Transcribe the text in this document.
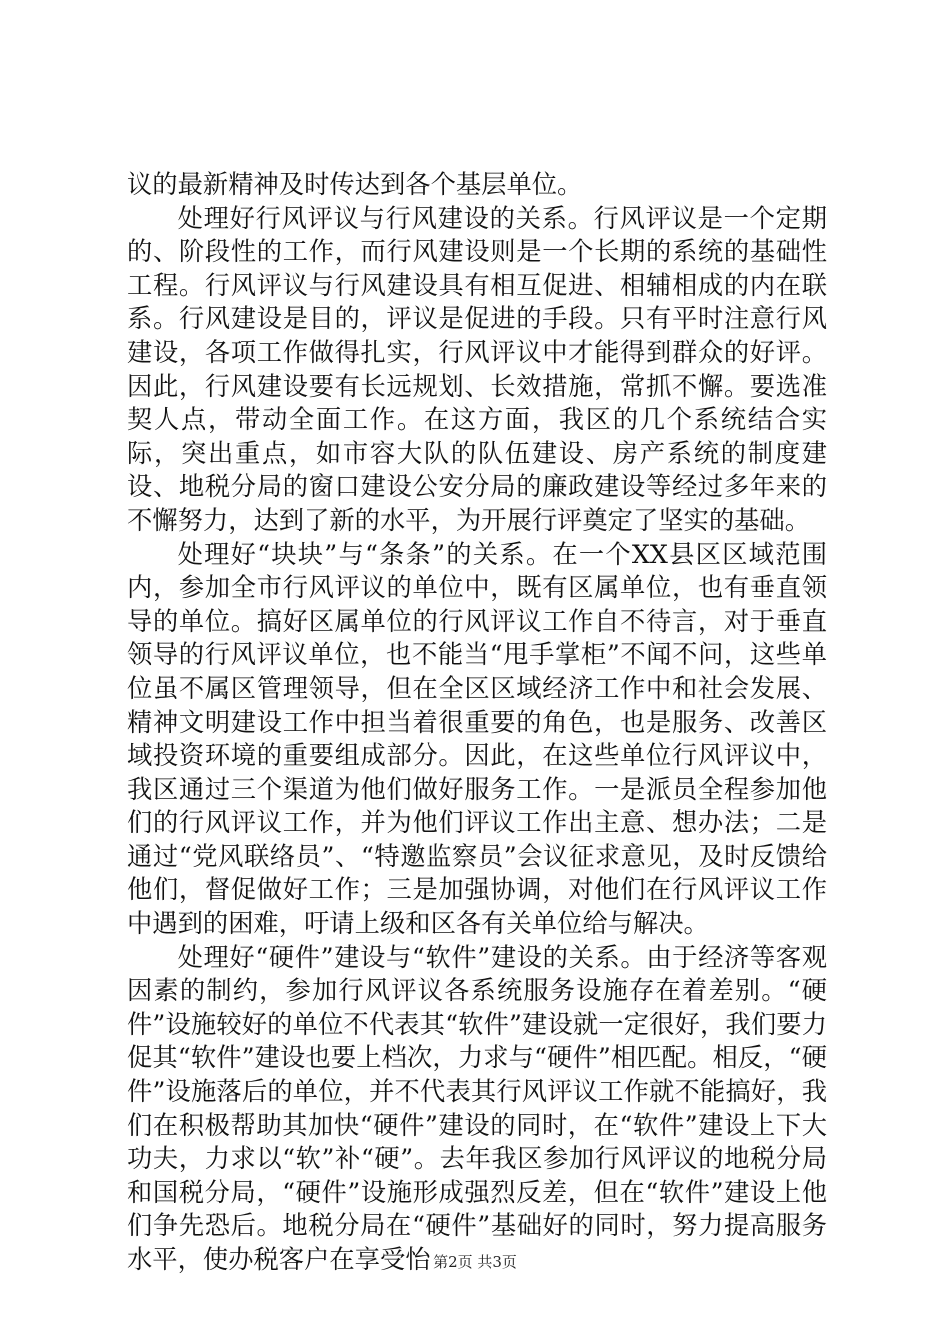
议的最新精神及时传达到各个基层单位。

处理好行风评议与行风建设的关系。行风评议是一个定期的、阶段性的工作，而行风建设则是一个长期的系统的基础性工程。行风评议与行风建设具有相互促进、相辅相成的内在联系。行风建设是目的，评议是促进的手段。只有平时注意行风建设，各项工作做得扎实，行风评议中才能得到群众的好评。因此，行风建设要有长远规划、长效措施，常抓不懈。要选准契人点，带动全面工作。在这方面，我区的几个系统结合实际，突出重点，如市容大队的队伍建设、房产系统的制度建设、地税分局的窗口建设公安分局的廉政建设等经过多年来的不懈努力，达到了新的水平，为开展行评奠定了坚实的基础。

处理好“块块”与“条条”的关系。在一个XX县区区域范围内，参加全市行风评议的单位中，既有区属单位，也有垂直领导的单位。搞好区属单位的行风评议工作自不待言，对于垂直领导的行风评议单位，也不能当“甩手掌柜”不闻不问，这些单位虽不属区管理领导，但在全区区域经济工作中和社会发展、精神文明建设工作中担当着很重要的角色，也是服务、改善区域投资环境的重要组成部分。因此，在这些单位行风评议中，我区通过三个渠道为他们做好服务工作。一是派员全程参加他们的行风评议工作，并为他们评议工作出主意、想办法；二是通过“党风联络员”、“特邀监察员”会议征求意见，及时反馈给他们，督促做好工作；三是加强协调，对他们在行风评议工作中遇到的困难，吁请上级和区各有关单位给与解决。

处理好“硬件”建设与“软件”建设的关系。由于经济等客观因素的制约，参加行风评议各系统服务设施存在着差别。“硬件”设施较好的单位不代表其“软件”建设就一定很好，我们要力促其“软件”建设也要上档次，力求与“硬件”相匹配。相反，“硬件”设施落后的单位，并不代表其行风评议工作就不能搞好，我们在积极帮助其加快“硬件”建设的同时，在“软件”建设上下大功夫，力求以“软”补“硬”。去年我区参加行风评议的地税分局和国税分局，“硬件”设施形成强烈反差，但在“软件”建设上他们争先恐后。地税分局在“硬件”基础好的同时，努力提高服务水平，使办税客户在享受怡 第2页 共3页
